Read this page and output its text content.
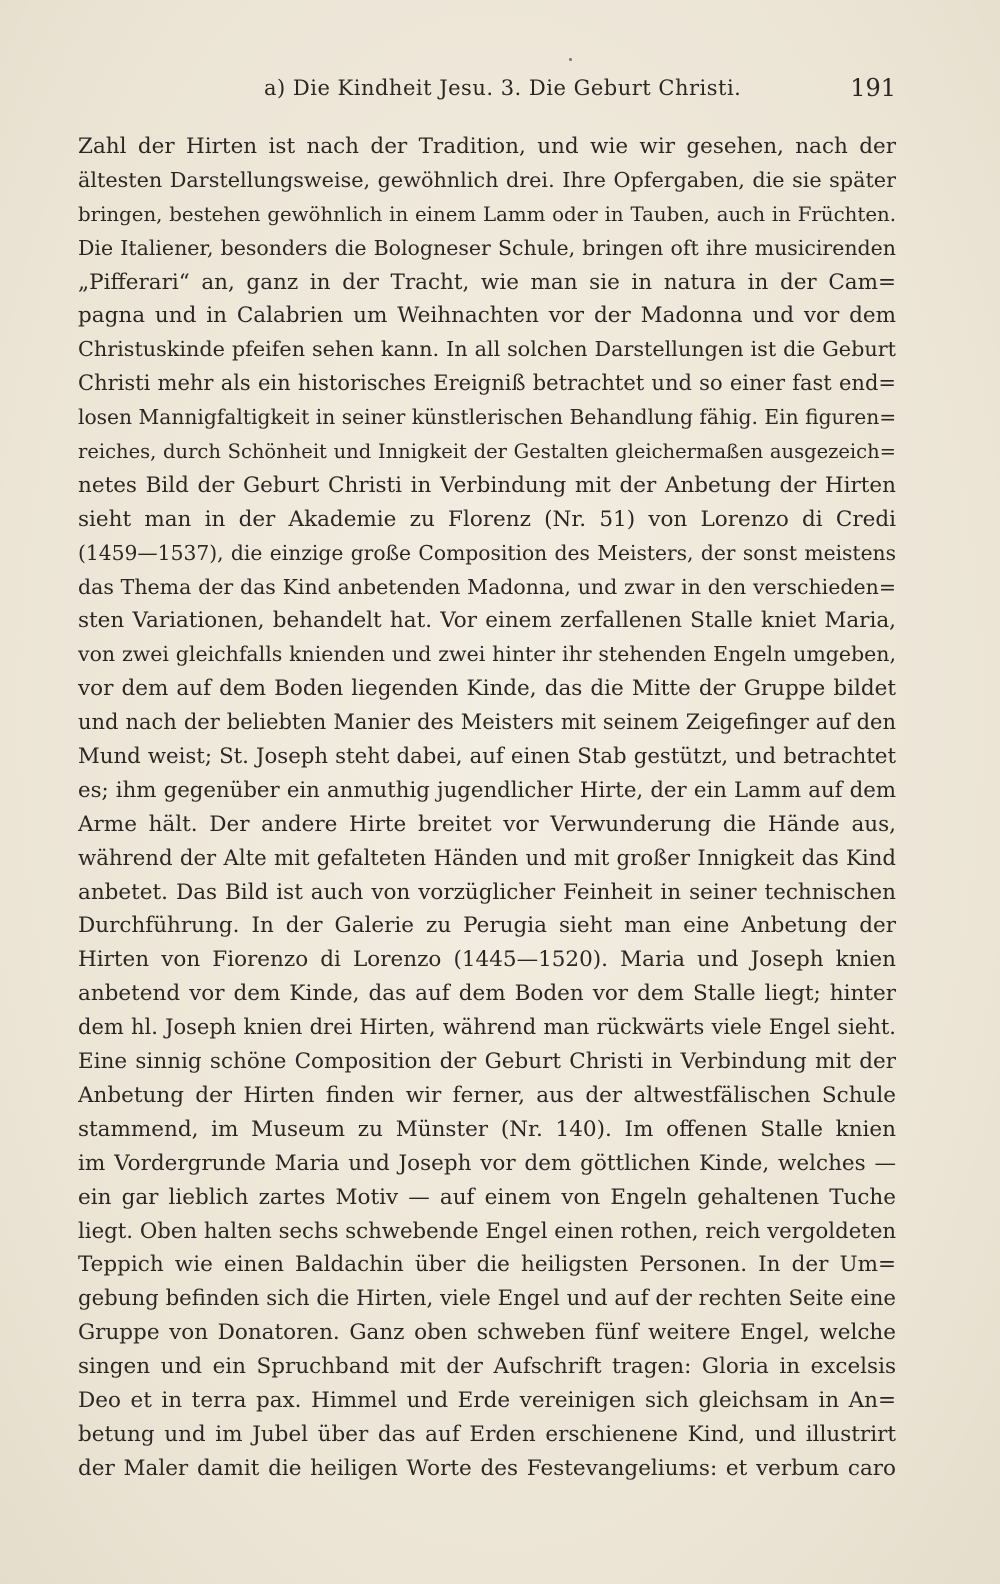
a) Die Kindheit Jesu. 3. Die Geburt Christi.	191
Zahl der Hirten ist nach der Tradition, und wie wir gesehen, nach der
ältesten Darstellungsweise, gewöhnlich drei. Ihre Opfergaben, die sie später
bringen, bestehen gewöhnlich in einem Lamm oder in Tauben, auch in Früchten.
Die Italiener, besonders die Bologneser Schule, bringen oft ihre musicirenden
„Pifferari“ an, ganz in der Tracht, wie man sie in natura in der Cam=
pagna und in Calabrien um Weihnachten vor der Madonna und vor dem
Christuskinde pfeifen sehen kann. In all solchen Darstellungen ist die Geburt
Christi mehr als ein historisches Ereigniß betrachtet und so einer fast end=
losen Mannigfaltigkeit in seiner künstlerischen Behandlung fähig. Ein figuren=
reiches, durch Schönheit und Innigkeit der Gestalten gleichermaßen ausgezeich=
netes Bild der Geburt Christi in Verbindung mit der Anbetung der Hirten
sieht man in der Akademie zu Florenz (Nr. 51) von Lorenzo di Credi
(1459—1537), die einzige große Composition des Meisters, der sonst meistens
das Thema der das Kind anbetenden Madonna, und zwar in den verschieden=
sten Variationen, behandelt hat. Vor einem zerfallenen Stalle kniet Maria,
von zwei gleichfalls knienden und zwei hinter ihr stehenden Engeln umgeben,
vor dem auf dem Boden liegenden Kinde, das die Mitte der Gruppe bildet
und nach der beliebten Manier des Meisters mit seinem Zeigefinger auf den
Mund weist; St. Joseph steht dabei, auf einen Stab gestützt, und betrachtet
es; ihm gegenüber ein anmuthig jugendlicher Hirte, der ein Lamm auf dem
Arme hält. Der andere Hirte breitet vor Verwunderung die Hände aus,
während der Alte mit gefalteten Händen und mit großer Innigkeit das Kind
anbetet. Das Bild ist auch von vorzüglicher Feinheit in seiner technischen
Durchführung. In der Galerie zu Perugia sieht man eine Anbetung der
Hirten von Fiorenzo di Lorenzo (1445—1520). Maria und Joseph knien
anbetend vor dem Kinde, das auf dem Boden vor dem Stalle liegt; hinter
dem hl. Joseph knien drei Hirten, während man rückwärts viele Engel sieht.
Eine sinnig schöne Composition der Geburt Christi in Verbindung mit der
Anbetung der Hirten finden wir ferner, aus der altwestfälischen Schule
stammend, im Museum zu Münster (Nr. 140). Im offenen Stalle knien
im Vordergrunde Maria und Joseph vor dem göttlichen Kinde, welches —
ein gar lieblich zartes Motiv — auf einem von Engeln gehaltenen Tuche
liegt. Oben halten sechs schwebende Engel einen rothen, reich vergoldeten
Teppich wie einen Baldachin über die heiligsten Personen. In der Um=
gebung befinden sich die Hirten, viele Engel und auf der rechten Seite eine
Gruppe von Donatoren. Ganz oben schweben fünf weitere Engel, welche
singen und ein Spruchband mit der Aufschrift tragen: Gloria in excelsis
Deo et in terra pax. Himmel und Erde vereinigen sich gleichsam in An=
betung und im Jubel über das auf Erden erschienene Kind, und illustrirt
der Maler damit die heiligen Worte des Festevangeliums: et verbum caro
